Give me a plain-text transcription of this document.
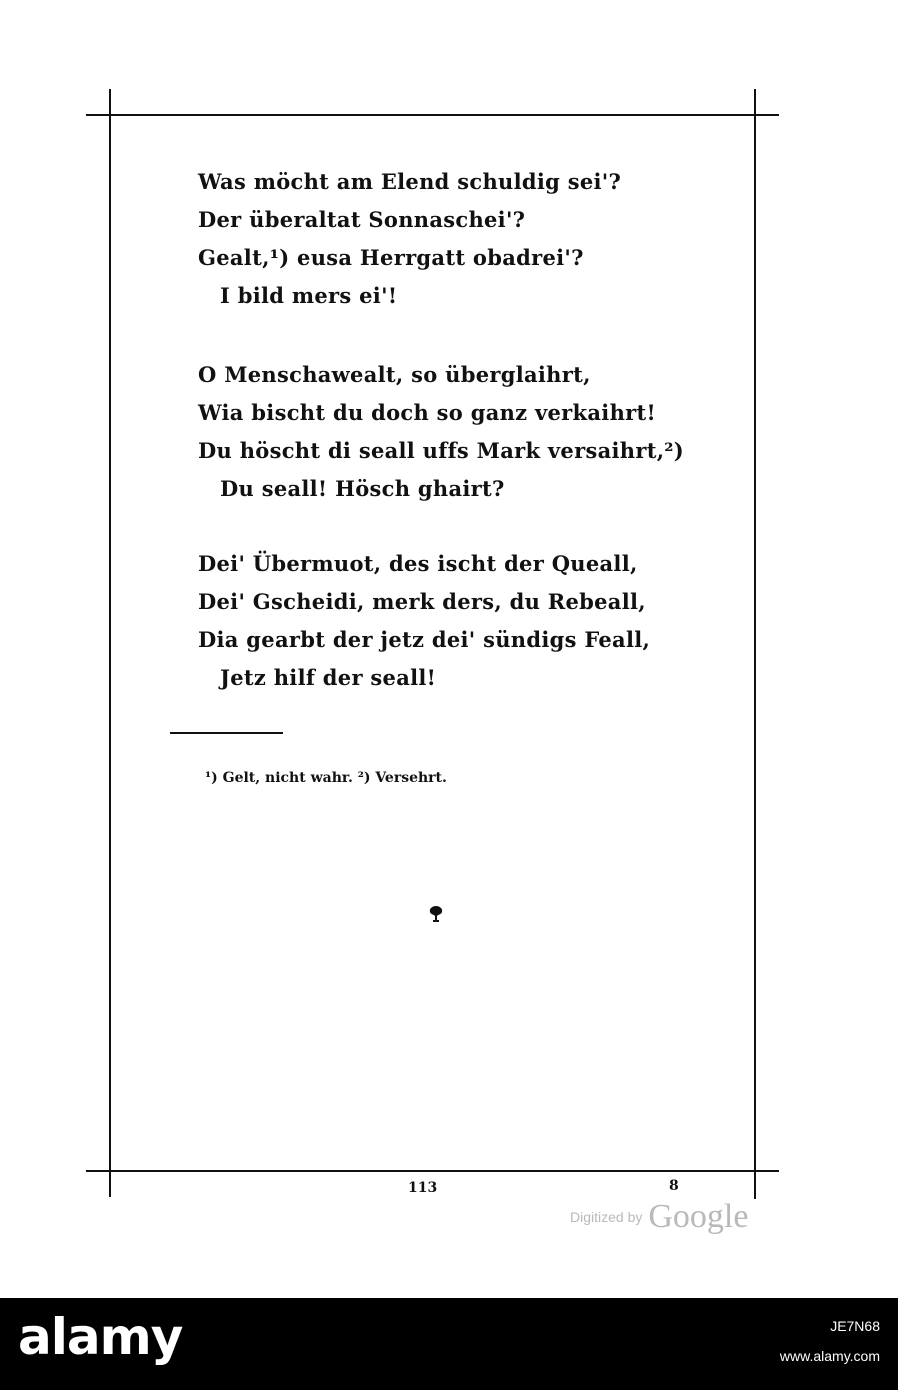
Was möcht am Elend schuldig sei'?
Der überaltat Sonnaschei'?
Gealt,¹) eusa Herrgatt obadrei'?
I bild mers ei'!
O Menschawealt, so überglaihrt,
Wia bischt du doch so ganz verkaihrt!
Du höscht di seall uffs Mark versaihrt,²)
Du seall! Hösch ghairt?
Dei' Übermuot, des ischt der Queall,
Dei' Gscheidi, merk ders, du Rebeall,
Dia gearbt der jetz dei' sündigs Feall,
Jetz hilf der seall!
¹) Gelt, nicht wahr. ²) Versehrt.
113	8
Digitized by Google
alamy	JE7N68
www.alamy.com
